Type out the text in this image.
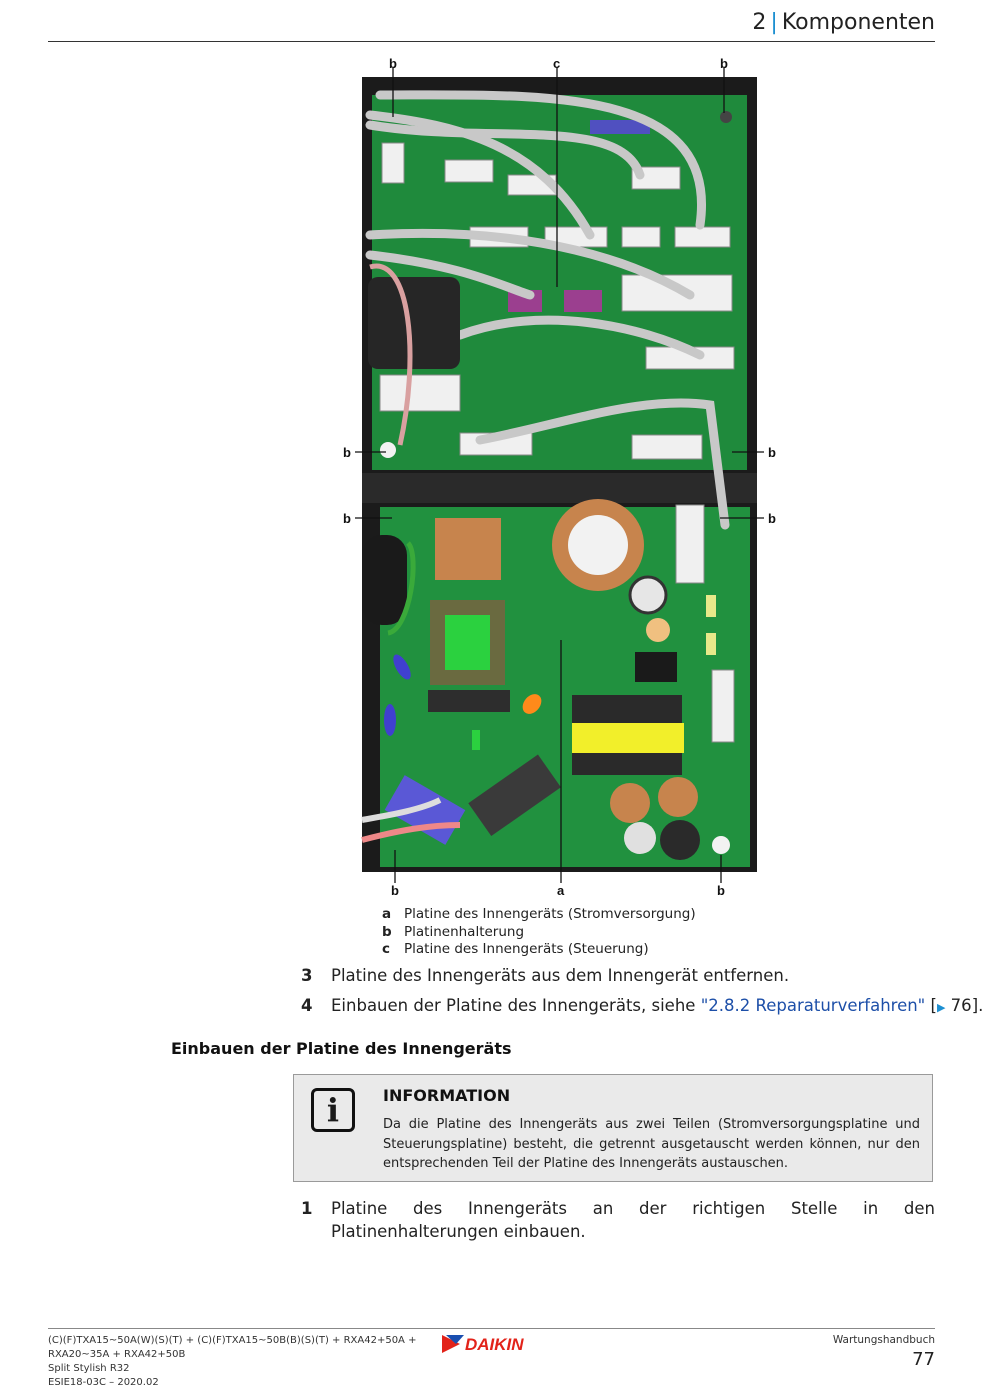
2 | Komponenten
b	c	b
b	b
b	b
b	a	b
a Platine des Innengeräts (Stromversorgung)
b Platinenhalterung
c Platine des Innengeräts (Steuerung)
3 Platine des Innengeräts aus dem Innengerät entfernen.
4 Einbauen der Platine des Innengeräts, siehe "2.8.2 Reparaturverfahren" [▶ 76].
Einbauen der Platine des Innengeräts
i	INFORMATION
Da die Platine des Innengeräts aus zwei Teilen (Stromversorgungsplatine und Steuerungsplatine) besteht, die getrennt ausgetauscht werden können, nur den entsprechenden Teil der Platine des Innengeräts austauschen.
1 Platine des Innengeräts an der richtigen Stelle in den Platinenhalterungen einbauen.
(C)(F)TXA15~50A(W)(S)(T) + (C)(F)TXA15~50B(B)(S)(T) + RXA42+50A +
RXA20~35A + RXA42+50B
Split Stylish R32
ESIE18-03C – 2020.02
DAIKIN	Wartungshandbuch
77
